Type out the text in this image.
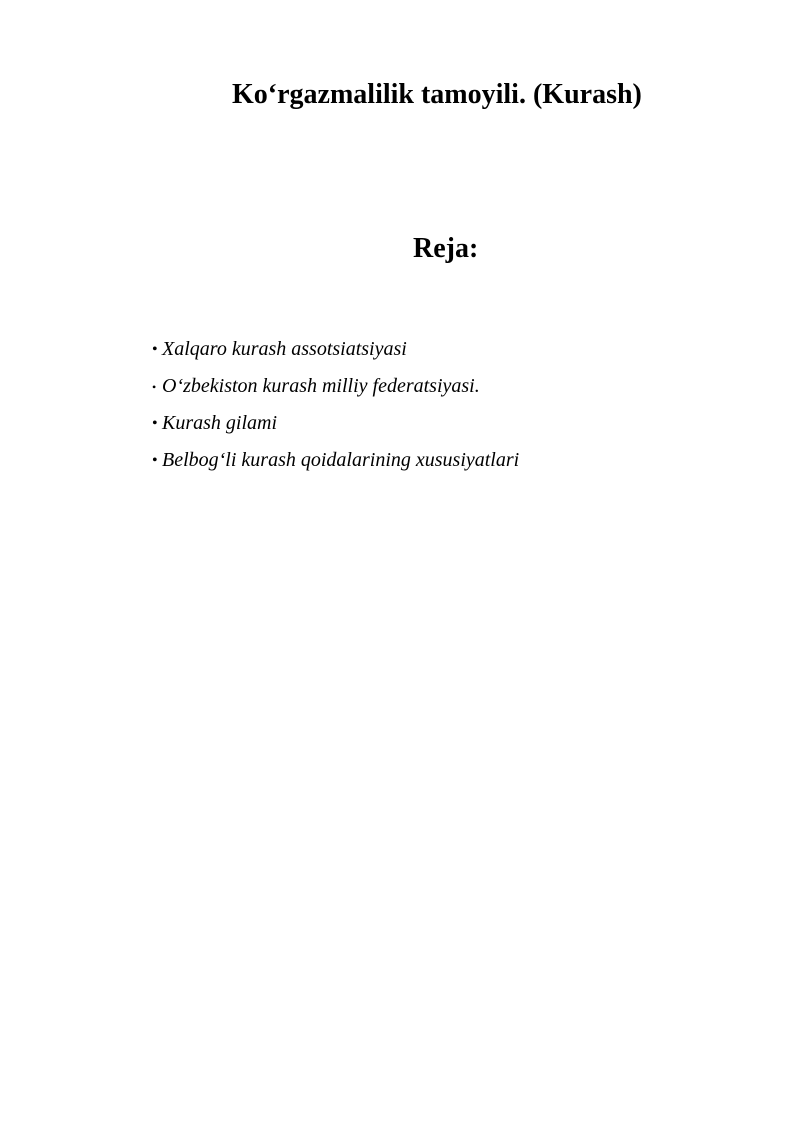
Ko‘rgazmalilik tamoyili. (Kurash)
Reja:
• Xalqaro kurash assotsiatsiyasi
• O‘zbekiston kurash milliy federatsiyasi.
• Kurash gilami
• Belbog‘li kurash qoidalarining xususiyatlari
